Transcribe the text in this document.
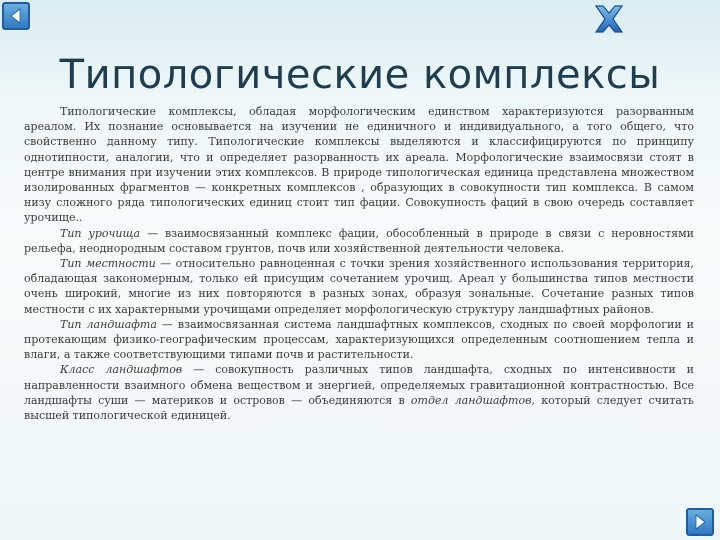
Типологические комплексы

Типологические комплексы, обладая морфологическим единством характеризуются разорванным ареалом. Их познание основывается на изучении не единичного и индивидуального, а того общего, что свойственно данному типу. Типологические комплексы выделяются и классифицируются по принципу однотипности, аналогии, что и определяет разорванность их ареала. Морфологические взаимосвязи стоят в центре внимания при изучении этих комплексов. В природе типологическая единица представлена множеством изолированных фрагментов — конкретных комплексов , образующих в совокупности тип комплекса. В самом низу сложного ряда типологических единиц стоит тип фации. Совокупность фаций в свою очередь составляет урочище..

Тип урочища — взаимосвязанный комплекс фации, обособленный в природе в связи с неровностями рельефа, неоднородным составом грунтов, почв или хозяйственной деятельности человека.

Тип местности — относительно равноценная с точки зрения хозяйственного использования территория, обладающая закономерным, только ей присущим сочетанием урочищ. Ареал у большинства типов местности очень широкий, многие из них повторяются в разных зонах, образуя зональные. Сочетание разных типов местности с их характерными урочищами определяет морфологическую структуру ландшафтных районов.

Тип ландшафта — взаимосвязанная система ландшафтных комплексов, сходных по своей морфологии и протекающим физико-географическим процессам, характеризующихся определенным соотношением тепла и влаги, а также соответствующими типами почв и растительности.

Класс ландшафтов — совокупность различных типов ландшафта, сходных по интенсивности и направленности взаимного обмена веществом и энергией, определяемых гравитационной контрастностью. Все ландшафты суши — материков и островов — объединяются в отдел ландшафтов, который следует считать высшей типологической единицей.
